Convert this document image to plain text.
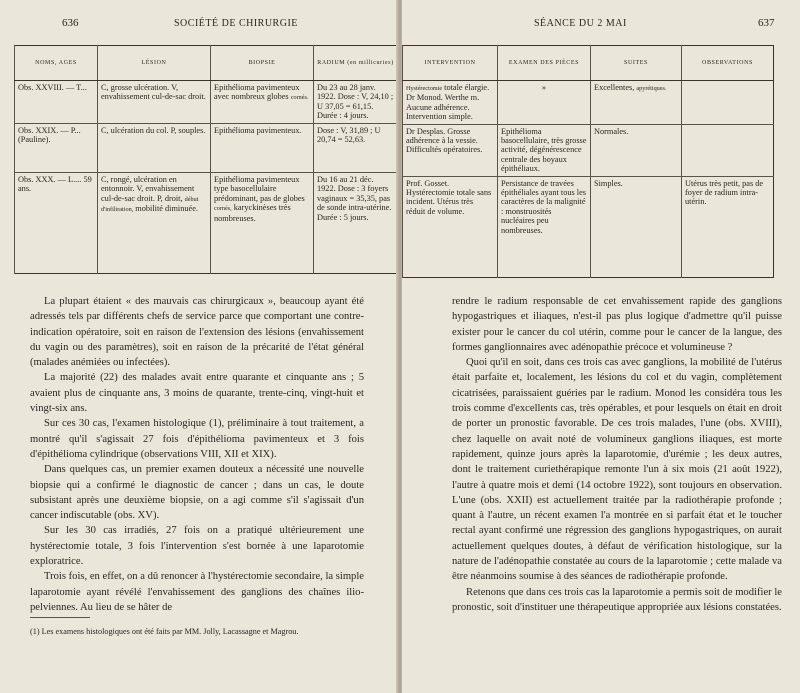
636	SOCIÉTÉ DE CHIRURGIE
NOMS, AGES	LÉSION	BIOPSIE	RADIUM (en millicuries)
Obs. XXVIII. — T...	C, grosse ulcération. V, envahissement cul-de-sac droit.	Epithélioma pavimenteux avec nombreux globes cornés.	Du 23 au 28 janv. 1922. Dose : V, 24,10 ; U 37,05 = 61,15. Durée : 4 jours.
Obs. XXIX. — P... (Pauline).	C, ulcération du col. P, souples.	Epithélioma pavimenteux.	Dose : V, 31,89 ; U 20,74 = 52,63.
Obs. XXX. — L.... 59 ans.	C, rongé, ulcération en entonnoir. V, envahissement cul-de-sac droit. P, droit, début d'infiltration, mobilité diminuée.	Epithélioma pavimenteux type basocellulaire prédominant, pas de globes cornés, karyckinèses très nombreuses.	Du 16 au 21 déc. 1922. Dose : 3 foyers vaginaux = 35,35, pas de sonde intra-utérine. Durée : 5 jours.

La plupart étaient « des mauvais cas chirurgicaux », beaucoup ayant été adressés tels par différents chefs de service parce que comportant une contre-indication opératoire, soit en raison de l'extension des lésions (envahissement du vagin ou des paramètres), soit en raison de la précarité de l'état général (malades anémiées ou infectées).

La majorité (22) des malades avait entre quarante et cinquante ans ; 5 avaient plus de cinquante ans, 3 moins de quarante, trente-cinq, vingt-huit et vingt-six ans.

Sur ces 30 cas, l'examen histologique (1), préliminaire à tout traitement, a montré qu'il s'agissait 27 fois d'épithélioma pavimenteux et 3 fois d'épithélioma cylindrique (observations VIII, XII et XIX).

Dans quelques cas, un premier examen douteux a nécessité une nouvelle biopsie qui a confirmé le diagnostic de cancer ; dans un cas, le doute subsistant après une deuxième biopsie, on a agi comme s'il s'agissait d'un cancer indiscutable (obs. XV).

Sur les 30 cas irradiés, 27 fois on a pratiqué ultérieurement une hystérectomie totale, 3 fois l'intervention s'est bornée à une laparotomie exploratrice.

Trois fois, en effet, on a dû renoncer à l'hystérectomie secondaire, la simple laparotomie ayant révélé l'envahissement des ganglions des chaînes ilio-pelviennes. Au lieu de se hâter de

(1) Les examens histologiques ont été faits par MM. Jolly, Lacassagne et Magrou.
SÉANCE DU 2 MAI	637
INTERVENTION	EXAMEN DES PIÈCES	SUITES	OBSERVATIONS
Hystérectomie totale élargie. Dr Monod. Werthe m. Aucune adhérence. Intervention simple.	»	Excellentes, apyrétiques.	
Dr Desplas. Grosse adhérence à la vessie. Difficultés opératoires.	Epithélioma basocellulaire, très grosse activité, dégénérescence centrale des boyaux épithéliaux.	Normales.	
Prof. Gosset. Hystérectomie totale sans incident. Utérus très réduit de volume.	Persistance de travées épithéliales ayant tous les caractères de la malignité : monstruosités nucléaires peu nombreuses.	Simples.	Utérus très petit, pas de foyer de radium intra-utérin.

rendre le radium responsable de cet envahissement rapide des ganglions hypogastriques et iliaques, n'est-il pas plus logique d'admettre qu'il puisse exister pour le cancer du col utérin, comme pour le cancer de la langue, des formes ganglionnaires avec adénopathie précoce et volumineuse ?

Quoi qu'il en soit, dans ces trois cas avec ganglions, la mobilité de l'utérus était parfaite et, localement, les lésions du col et du vagin, complètement cicatrisées, paraissaient guéries par le radium. Monod les considéra tous les trois comme d'excellents cas, très opérables, et pour lesquels on était en droit de porter un pronostic favorable. De ces trois malades, l'une (obs. XVIII), chez laquelle on avait noté de volumineux ganglions iliaques, est morte rapidement, quinze jours après la laparotomie, d'urémie ; les deux autres, dont le traitement curiethérapique remonte l'un à six mois (21 août 1922), l'autre à quatre mois et demi (14 octobre 1922), sont toujours en observation. L'une (obs. XXII) est actuellement traitée par la radiothérapie profonde ; quant à l'autre, un récent examen l'a montrée en si parfait état et le toucher rectal ayant confirmé une régression des ganglions hypogastriques, on aurait actuellement quelques doutes, à défaut de vérification histologique, sur la nature de l'adénopathie constatée au cours de la laparotomie ; cette malade va être néanmoins soumise à des séances de radiothérapie profonde.

Retenons que dans ces trois cas la laparotomie a permis soit de modifier le pronostic, soit d'instituer une thérapeutique appropriée aux lésions constatées.
